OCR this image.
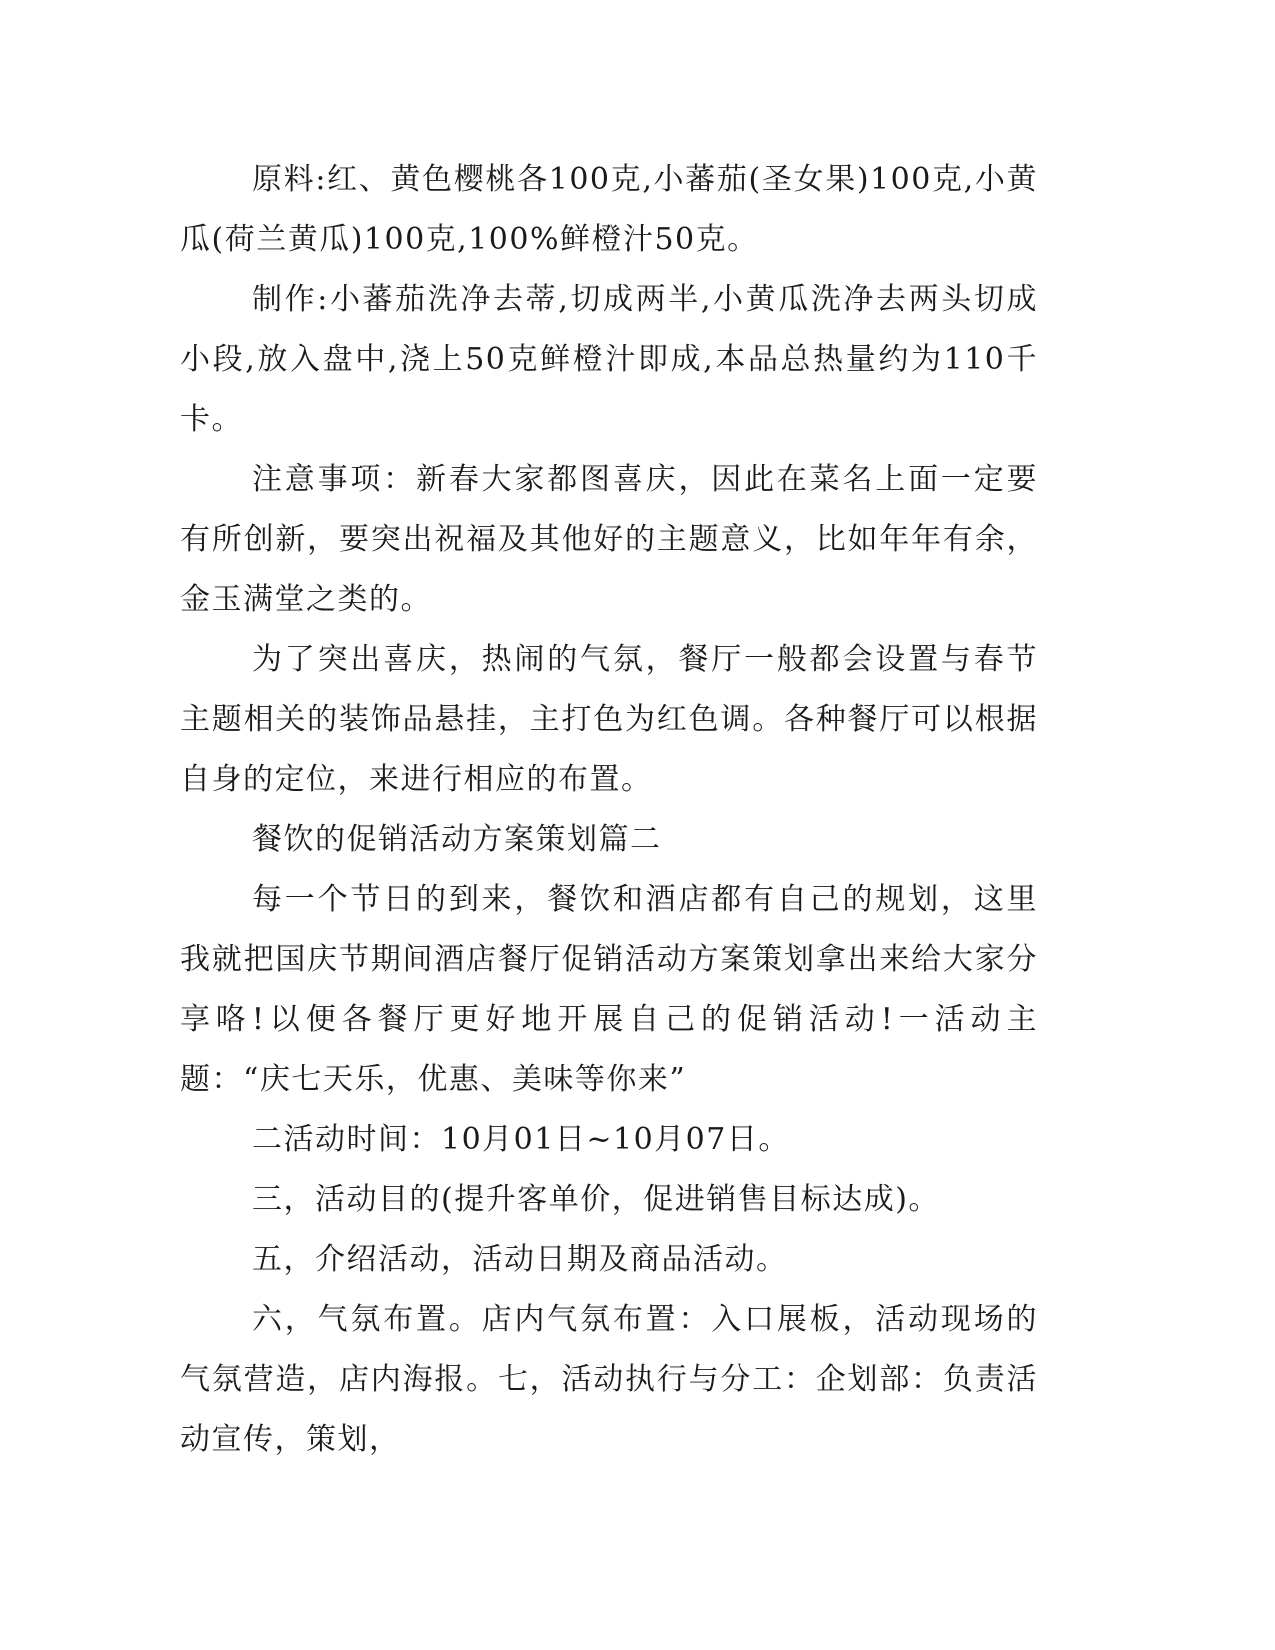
原料:红、黄色樱桃各100克,小蕃茄(圣女果)100克,小黄瓜(荷兰黄瓜)100克,100%鲜橙汁50克。

制作:小蕃茄洗净去蒂,切成两半,小黄瓜洗净去两头切成小段,放入盘中,浇上50克鲜橙汁即成,本品总热量约为110千卡。

注意事项：新春大家都图喜庆，因此在菜名上面一定要有所创新，要突出祝福及其他好的主题意义，比如年年有余，金玉满堂之类的。

为了突出喜庆，热闹的气氛，餐厅一般都会设置与春节主题相关的装饰品悬挂，主打色为红色调。各种餐厅可以根据自身的定位，来进行相应的布置。

餐饮的促销活动方案策划篇二

每一个节日的到来，餐饮和酒店都有自己的规划，这里我就把国庆节期间酒店餐厅促销活动方案策划拿出来给大家分享咯!以便各餐厅更好地开展自己的促销活动!一活动主题：“庆七天乐，优惠、美味等你来”

二活动时间：10月01日~10月07日。

三，活动目的(提升客单价，促进销售目标达成)。

五，介绍活动，活动日期及商品活动。

六，气氛布置。店内气氛布置：入口展板，活动现场的气氛营造，店内海报。七，活动执行与分工：企划部：负责活动宣传，策划，
